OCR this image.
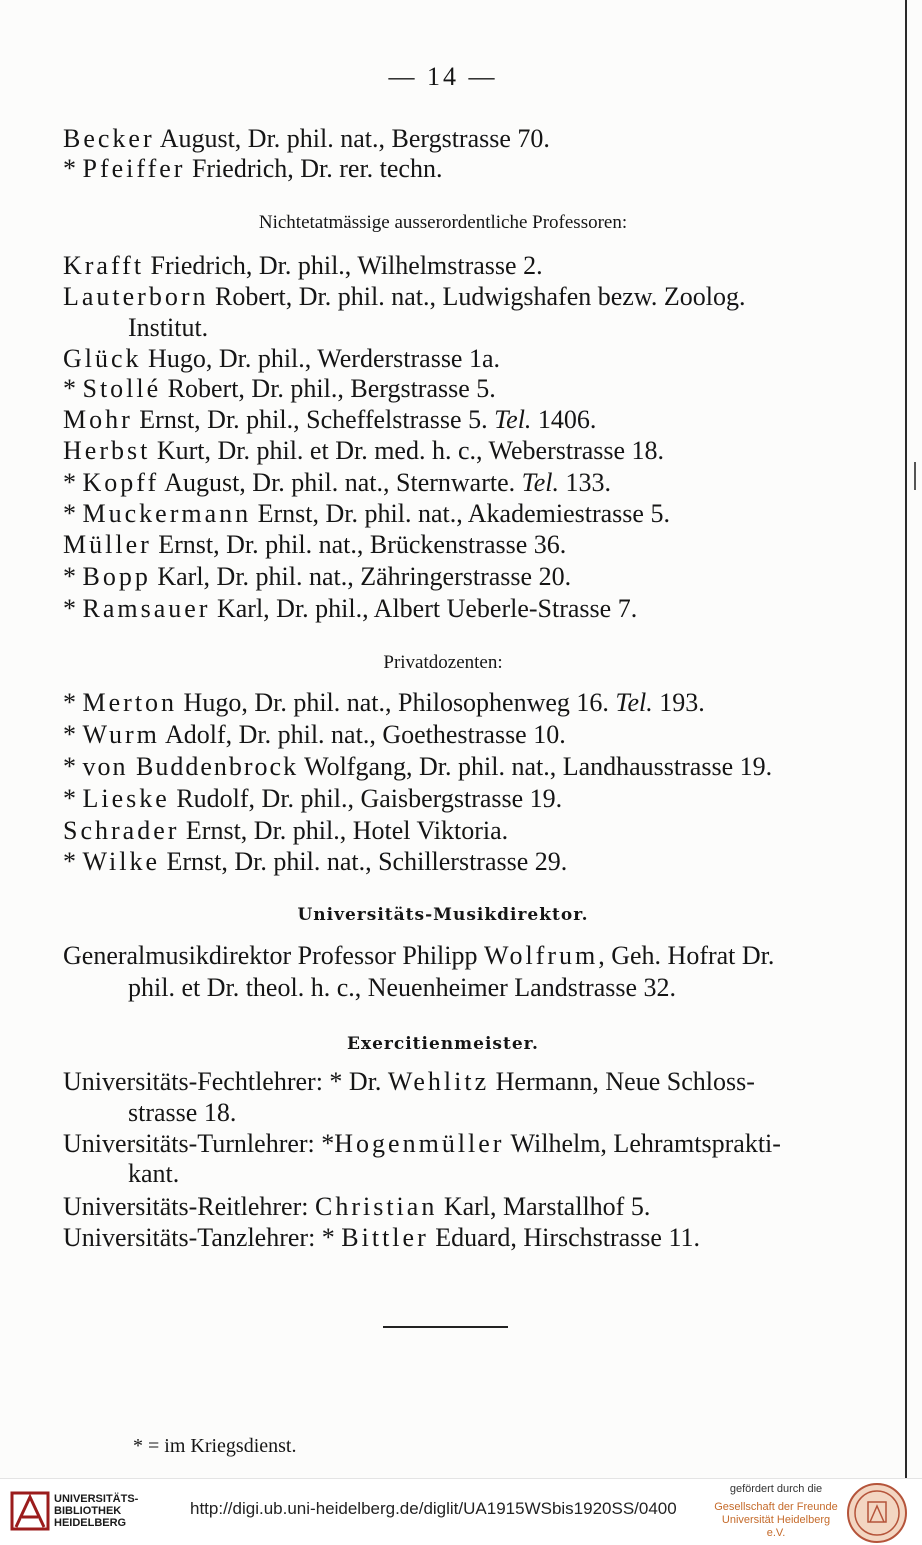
— 14 —
Becker August, Dr. phil. nat., Bergstrasse 70.
* Pfeiffer Friedrich, Dr. rer. techn.
Nichtetatmässige ausserordentliche Professoren:
Krafft Friedrich, Dr. phil., Wilhelmstrasse 2.
Lauterborn Robert, Dr. phil. nat., Ludwigshafen bezw. Zoolog.
Institut.
Glück Hugo, Dr. phil., Werderstrasse 1a.
* Stollé Robert, Dr. phil., Bergstrasse 5.
Mohr Ernst, Dr. phil., Scheffelstrasse 5. Tel. 1406.
Herbst Kurt, Dr. phil. et Dr. med. h. c., Weberstrasse 18.
* Kopff August, Dr. phil. nat., Sternwarte. Tel. 133.
* Muckermann Ernst, Dr. phil. nat., Akademiestrasse 5.
Müller Ernst, Dr. phil. nat., Brückenstrasse 36.
* Bopp Karl, Dr. phil. nat., Zähringerstrasse 20.
* Ramsauer Karl, Dr. phil., Albert Ueberle-Strasse 7.
Privatdozenten:
* Merton Hugo, Dr. phil. nat., Philosophenweg 16. Tel. 193.
* Wurm Adolf, Dr. phil. nat., Goethestrasse 10.
* von Buddenbrock Wolfgang, Dr. phil. nat., Landhausstrasse 19.
* Lieske Rudolf, Dr. phil., Gaisbergstrasse 19.
Schrader Ernst, Dr. phil., Hotel Viktoria.
* Wilke Ernst, Dr. phil. nat., Schillerstrasse 29.
Universitäts-Musikdirektor.
Generalmusikdirektor Professor Philipp Wolfrum, Geh. Hofrat Dr.
phil. et Dr. theol. h. c., Neuenheimer Landstrasse 32.
Exercitienmeister.
Universitäts-Fechtlehrer: * Dr. Wehlitz Hermann, Neue Schloss-
strasse 18.
Universitäts-Turnlehrer: *Hogenmüller Wilhelm, Lehramtsprakti-
kant.
Universitäts-Reitlehrer: Christian Karl, Marstallhof 5.
Universitäts-Tanzlehrer: * Bittler Eduard, Hirschstrasse 11.
* = im Kriegsdienst.
UNIVERSITÄTS-
BIBLIOTHEK
HEIDELBERG
http://digi.ub.uni-heidelberg.de/diglit/UA1915WSbis1920SS/0400
gefördert durch die
Gesellschaft der Freunde
Universität Heidelberg e.V.
